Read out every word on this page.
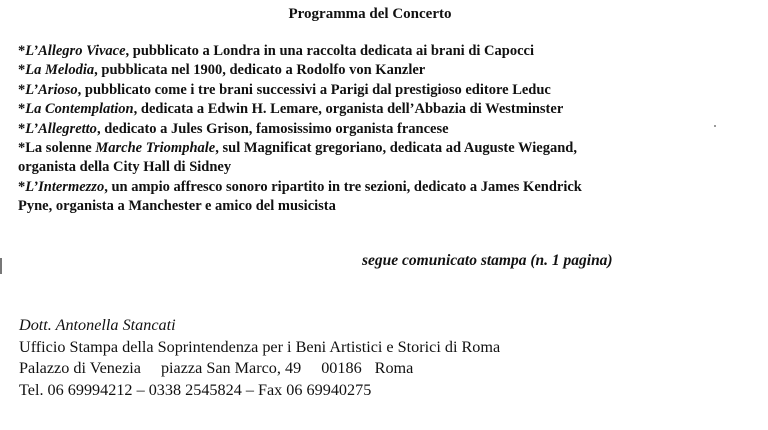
Programma del Concerto
*L’Allegro Vivace, pubblicato a Londra in una raccolta dedicata ai brani di Capocci
*La Melodia, pubblicata nel 1900, dedicato a Rodolfo von Kanzler
*L’Arioso, pubblicato come i tre brani successivi a Parigi dal prestigioso editore Leduc
*La Contemplation, dedicata a Edwin H. Lemare, organista dell’Abbazia di Westminster
*L’Allegretto, dedicato a Jules Grison, famosissimo organista francese
*La solenne Marche Triomphale, sul Magnificat gregoriano, dedicata ad Auguste Wiegand,
organista della City Hall di Sidney
*L’Intermezzo, un ampio affresco sonoro ripartito in tre sezioni, dedicato a James Kendrick
Pyne, organista a Manchester e amico del musicista
segue comunicato stampa (n. 1 pagina)
Dott. Antonella Stancati
Ufficio Stampa della Soprintendenza per i Beni Artistici e Storici di Roma
Palazzo di Venezia piazza San Marco, 49 00186 Roma
Tel. 06 69994212 – 0338 2545824 – Fax 06 69940275
